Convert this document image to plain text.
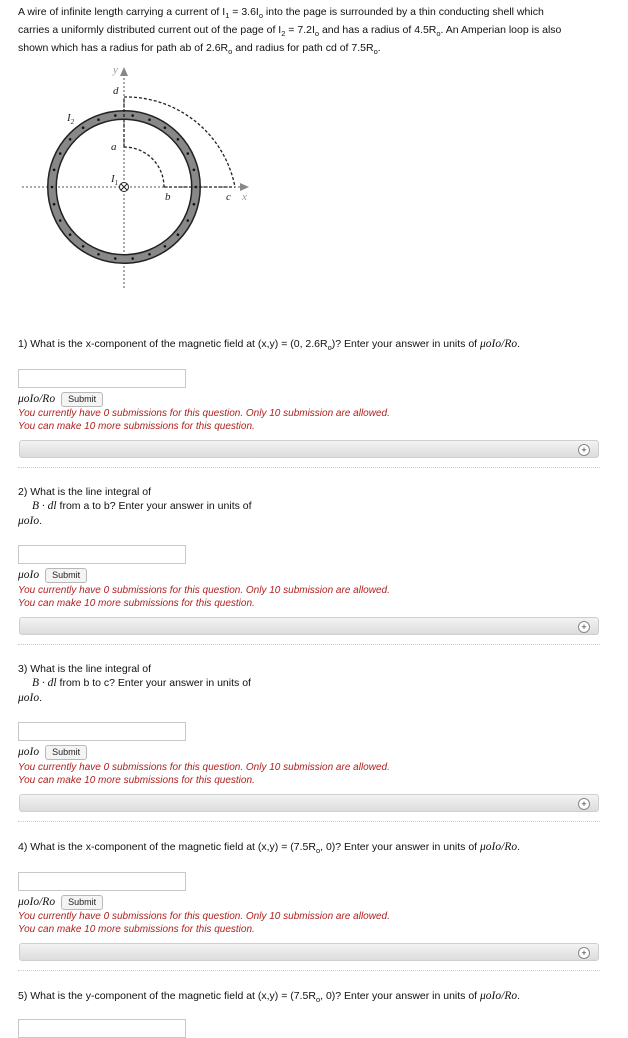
A wire of infinite length carrying a current of $I_1 = 3.6I_o$ into the page is surrounded by a thin conducting shell which
carries a uniformly distributed current out of the page of $I_2 = 7.2I_o$ and has a radius of $4.5R_o$. An Amperian loop is also
shown which has a radius for path ab of $2.6R_o$ and radius for path cd of $7.5R_o$.
y
x
d
a
b	c
$I_1$
$I_2$
1) What is the x-component of the magnetic field at (x,y) = (0, $2.6R_o$)? Enter your answer in units of μoIo/Ro.
μoIo/Ro	Submit
You currently have 0 submissions for this question. Only 10 submission are allowed.
You can make 10 more submissions for this question.
+
2) What is the line integral of
B · dl from a to b? Enter your answer in units of
μoIo.
μoIo	Submit
You currently have 0 submissions for this question. Only 10 submission are allowed.
You can make 10 more submissions for this question.
+
3) What is the line integral of
B · dl from b to c? Enter your answer in units of
μoIo.
μoIo	Submit
You currently have 0 submissions for this question. Only 10 submission are allowed.
You can make 10 more submissions for this question.
+
4) What is the x-component of the magnetic field at $(x,y) = (7.5R_o$, 0)? Enter your answer in units of μoIo/Ro.
μoIo/Ro	Submit
You currently have 0 submissions for this question. Only 10 submission are allowed.
You can make 10 more submissions for this question.
+
5) What is the y-component of the magnetic field at $(x,y) = (7.5R_o$, 0)? Enter your answer in units of μoIo/Ro.
